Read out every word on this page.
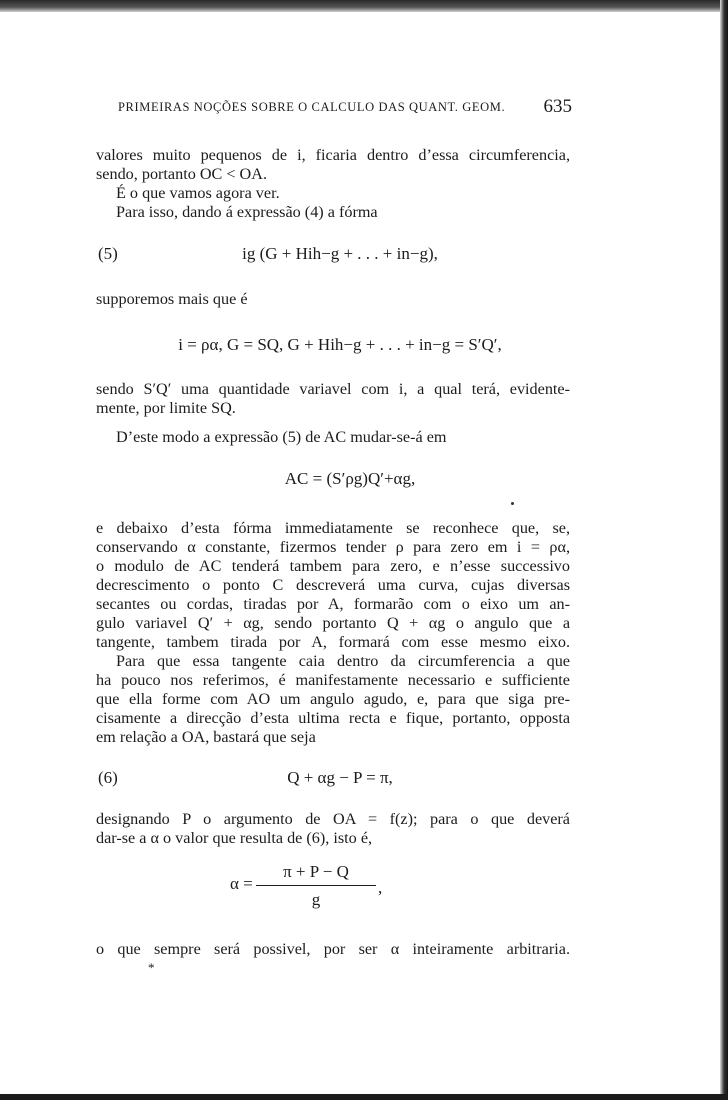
PRIMEIRAS NOÇÕES SOBRE O CALCULO DAS QUANT. GEOM. 635
valores muito pequenos de i, ficaria dentro d’essa circumferencia,
sendo, portanto OC < OA.
É o que vamos agora ver.
Para isso, dando á expressão (4) a fórma
(5)	ig (G + Hih−g + . . . + in−g),
supporemos mais que é
i = ρα, G = SQ, G + Hih−g + . . . + in−g = S′Q′,
sendo S′Q′ uma quantidade variavel com i, a qual terá, evidente-
mente, por limite SQ.
D’este modo a expressão (5) de AC mudar-se-á em
AC = (S′ρg)Q′+αg,
e debaixo d’esta fórma immediatamente se reconhece que, se,
conservando α constante, fizermos tender ρ para zero em i = ρα,
o modulo de AC tenderá tambem para zero, e n’esse successivo
decrescimento o ponto C descreverá uma curva, cujas diversas
secantes ou cordas, tiradas por A, formarão com o eixo um an-
gulo variavel Q′ + αg, sendo portanto Q + αg o angulo que a
tangente, tambem tirada por A, formará com esse mesmo eixo.
Para que essa tangente caia dentro da circumferencia a que
ha pouco nos referimos, é manifestamente necessario e sufficiente
que ella forme com AO um angulo agudo, e, para que siga pre-
cisamente a direcção d’esta ultima recta e fique, portanto, opposta
em relação a OA, bastará que seja
(6)	Q + αg − P = π,
designando P o argumento de OA = f(z); para o que deverá
dar-se a α o valor que resulta de (6), isto é,
α =
π + P − Q
g
,
o que sempre será possivel, por ser α inteiramente arbitraria.
*
